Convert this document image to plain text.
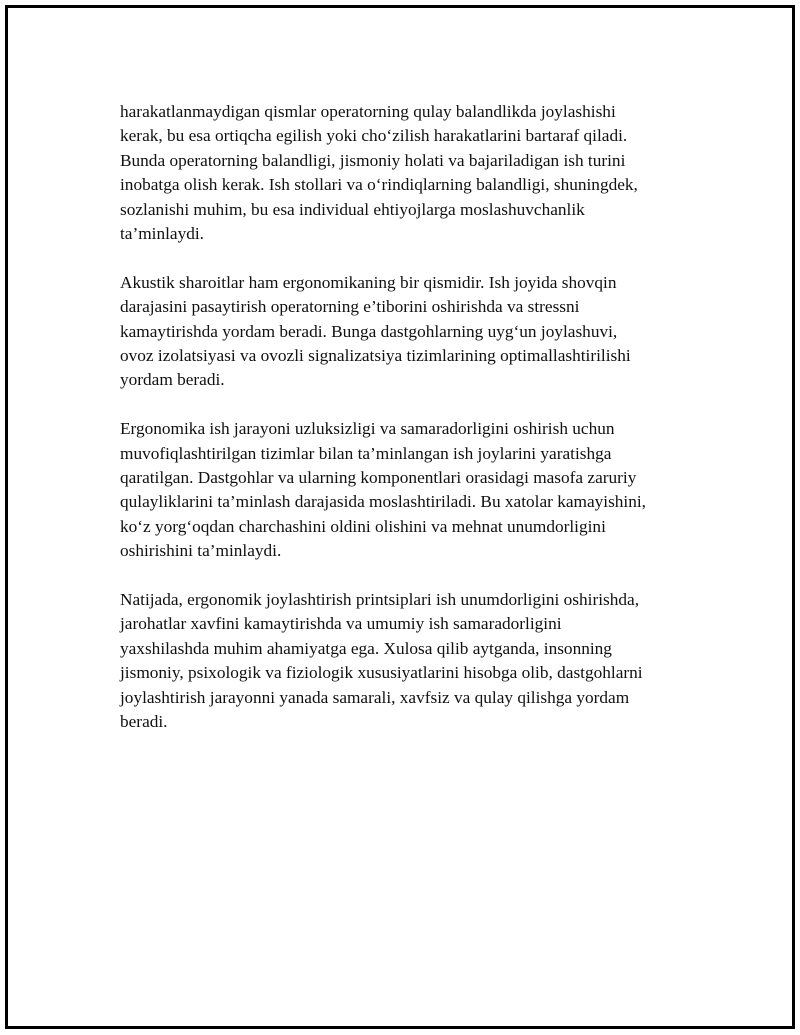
harakatlanmaydigan qismlar operatorning qulay balandlikda joylashishi
kerak, bu esa ortiqcha egilish yoki cho‘zilish harakatlarini bartaraf qiladi.
Bunda operatorning balandligi, jismoniy holati va bajariladigan ish turini
inobatga olish kerak. Ish stollari va o‘rindiqlarning balandligi, shuningdek,
sozlanishi muhim, bu esa individual ehtiyojlarga moslashuvchanlik
ta’minlaydi.

Akustik sharoitlar ham ergonomikaning bir qismidir. Ish joyida shovqin
darajasini pasaytirish operatorning e’tiborini oshirishda va stressni
kamaytirishda yordam beradi. Bunga dastgohlarning uyg‘un joylashuvi,
ovoz izolatsiyasi va ovozli signalizatsiya tizimlarining optimallashtirilishi
yordam beradi.

Ergonomika ish jarayoni uzluksizligi va samaradorligini oshirish uchun
muvofiqlashtirilgan tizimlar bilan ta’minlangan ish joylarini yaratishga
qaratilgan. Dastgohlar va ularning komponentlari orasidagi masofa zaruriy
qulayliklarini ta’minlash darajasida moslashtiriladi. Bu xatolar kamayishini,
ko‘z yorg‘oqdan charchashini oldini olishini va mehnat unumdorligini
oshirishini ta’minlaydi.

Natijada, ergonomik joylashtirish printsiplari ish unumdorligini oshirishda,
jarohatlar xavfini kamaytirishda va umumiy ish samaradorligini
yaxshilashda muhim ahamiyatga ega. Xulosa qilib aytganda, insonning
jismoniy, psixologik va fiziologik xususiyatlarini hisobga olib, dastgohlarni
joylashtirish jarayonni yanada samarali, xavfsiz va qulay qilishga yordam
beradi.
